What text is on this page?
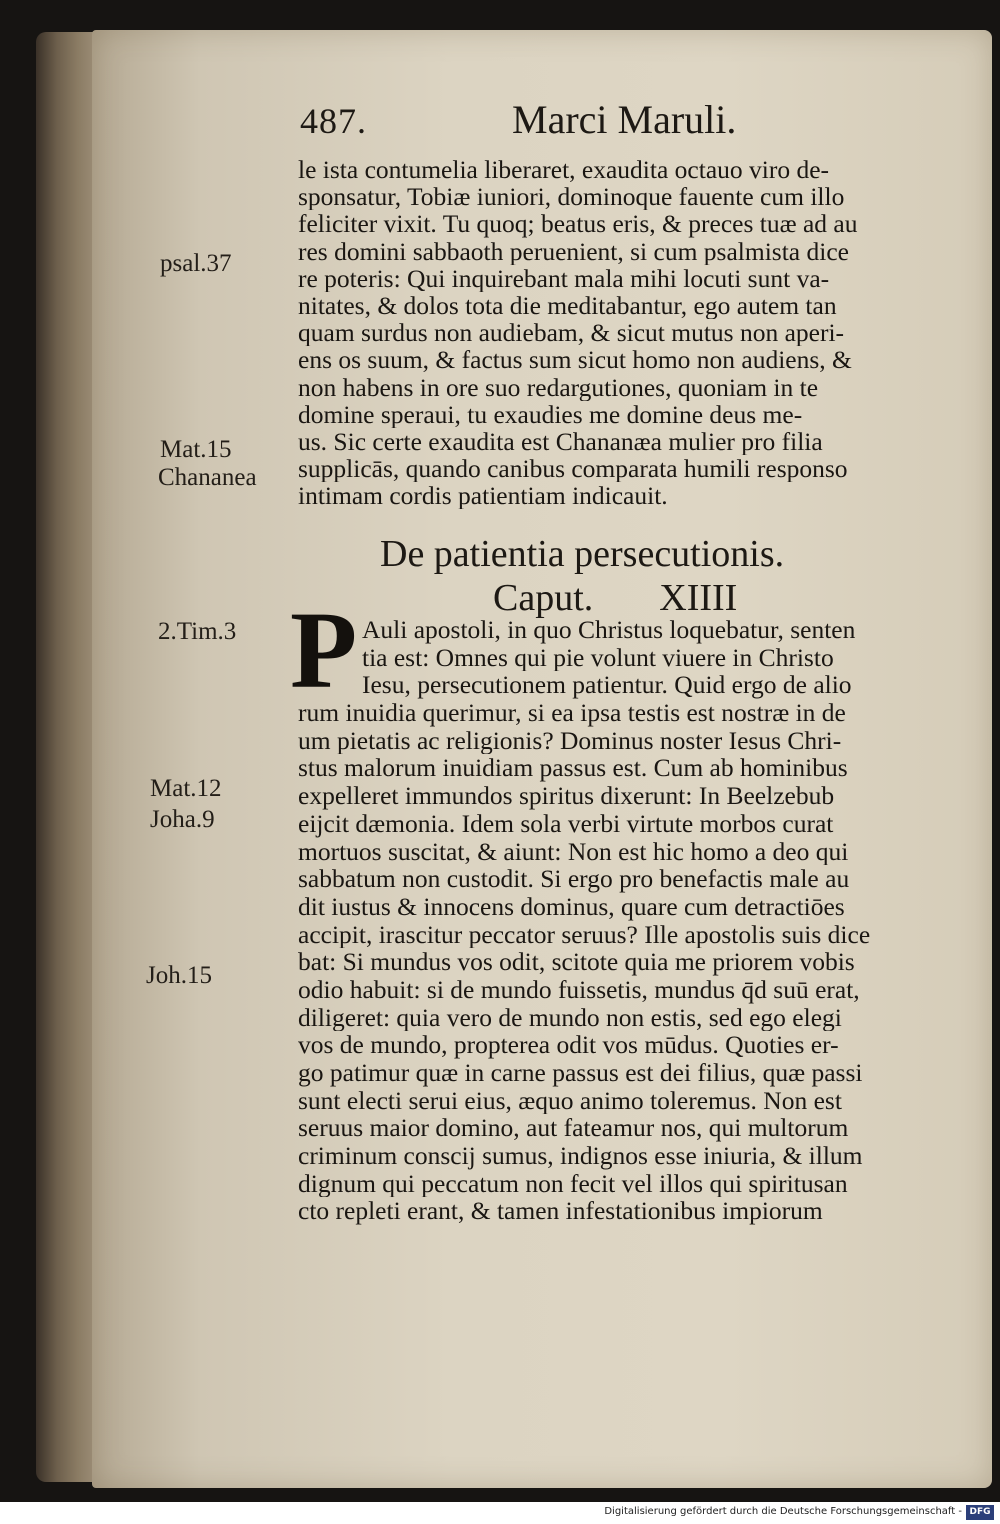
487.	Marci Maruli.
psal.37
Mat.15
Chananea
2.Tim.3
Mat.12
Joha.9
Joh.15
le ista contumelia liberaret, exaudita octauo viro de-
sponsatur, Tobiæ iuniori, dominoque fauente cum illo
feliciter vixit. Tu quoq; beatus eris, & preces tuæ ad au
res domini sabbaoth peruenient, si cum psalmista dice
re poteris: Qui inquirebant mala mihi locuti sunt va-
nitates, & dolos tota die meditabantur, ego autem tan
quam surdus non audiebam, & sicut mutus non aperi-
ens os suum, & factus sum sicut homo non audiens, &
non habens in ore suo redargutiones, quoniam in te
domine speraui, tu exaudies me domine deus me-
us. Sic certe exaudita est Chananæa mulier pro filia
supplicās, quando canibus comparata humili responso
intimam cordis patientiam indicauit.
De patientia persecutionis.
Caput. XIIII
P Auli apostoli, in quo Christus loquebatur, senten
tia est: Omnes qui pie volunt viuere in Christo
Iesu, persecutionem patientur. Quid ergo de alio
rum inuidia querimur, si ea ipsa testis est nostræ in de
um pietatis ac religionis? Dominus noster Iesus Chri-
stus malorum inuidiam passus est. Cum ab hominibus
expelleret immundos spiritus dixerunt: In Beelzebub
eijcit dæmonia. Idem sola verbi virtute morbos curat
mortuos suscitat, & aiunt: Non est hic homo a deo qui
sabbatum non custodit. Si ergo pro benefactis male au
dit iustus & innocens dominus, quare cum detractiōes
accipit, irascitur peccator seruus? Ille apostolis suis dice
bat: Si mundus vos odit, scitote quia me priorem vobis
odio habuit: si de mundo fuissetis, mundus q̄d suū erat,
diligeret: quia vero de mundo non estis, sed ego elegi
vos de mundo, propterea odit vos mūdus. Quoties er-
go patimur quæ in carne passus est dei filius, quæ passi
sunt electi serui eius, æquo animo toleremus. Non est
seruus maior domino, aut fateamur nos, qui multorum
criminum conscij sumus, indignos esse iniuria, & illum
dignum qui peccatum non fecit vel illos qui spiritusan
cto repleti erant, & tamen infestationibus impiorum
Digitalisierung gefördert durch die Deutsche Forschungsgemeinschaft - DFG
